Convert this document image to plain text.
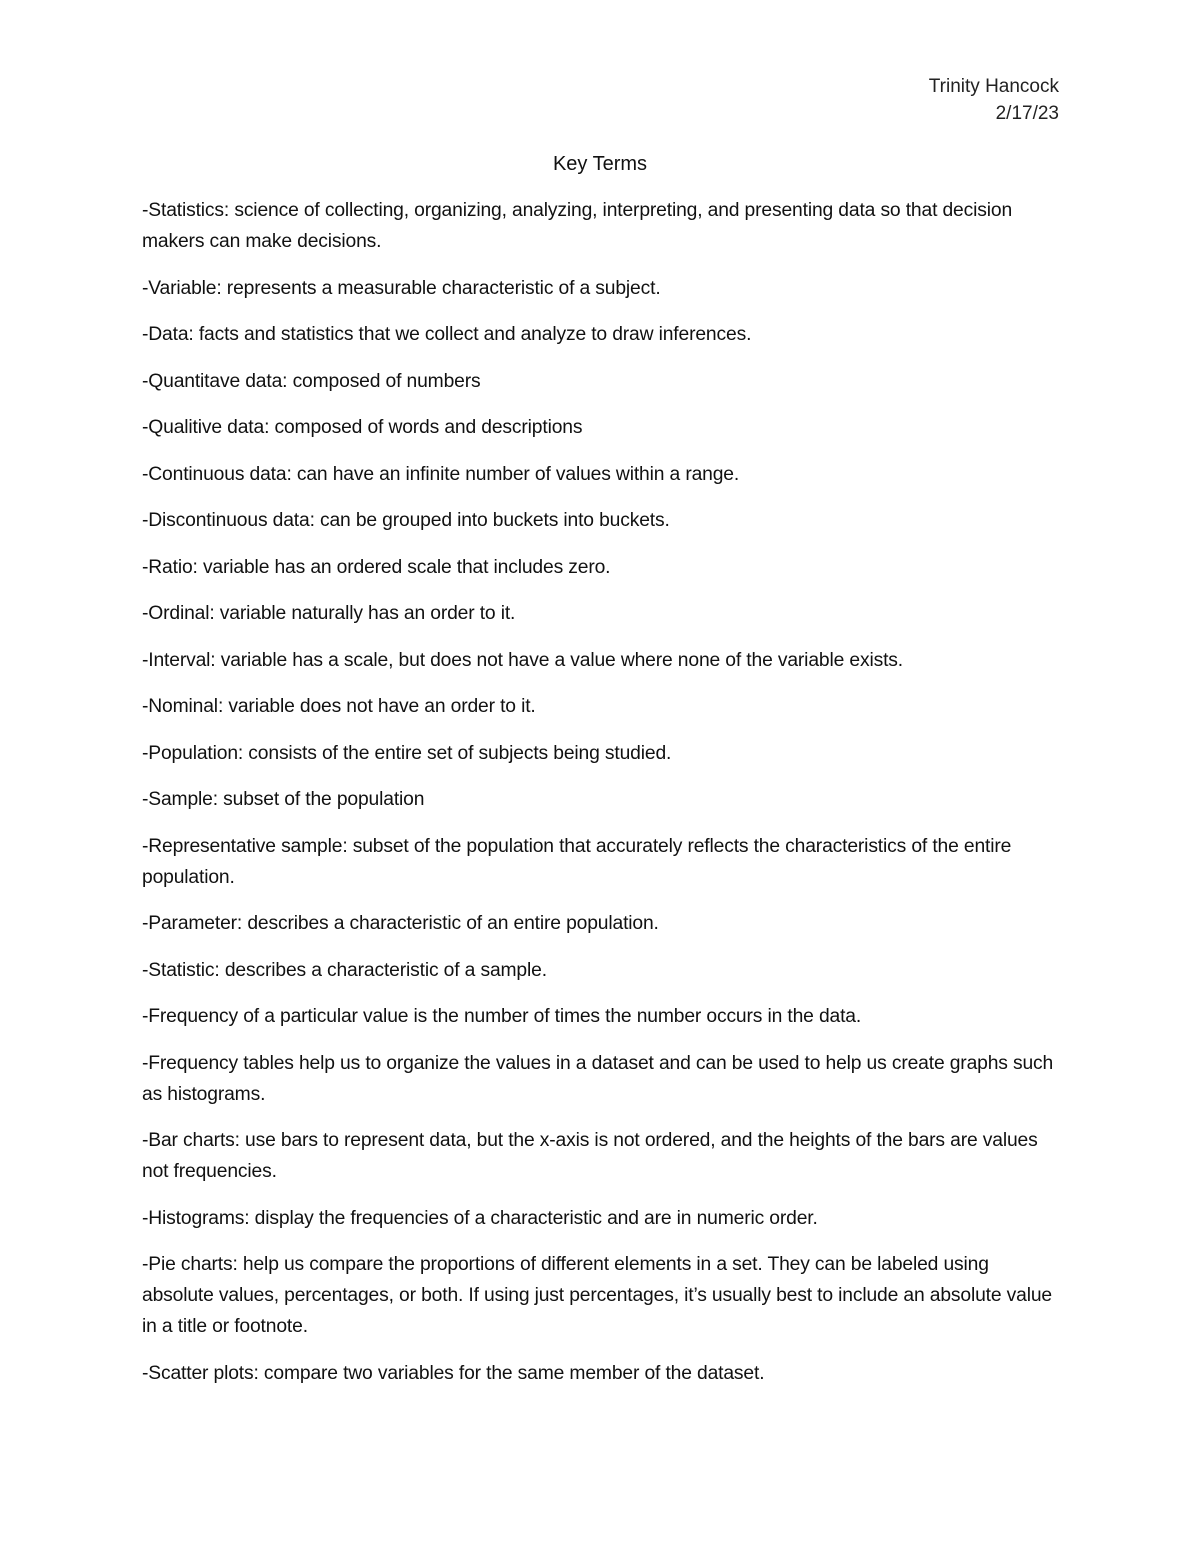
Trinity Hancock
2/17/23
Key Terms

-Statistics: science of collecting, organizing, analyzing, interpreting, and presenting data so that decision makers can make decisions.

-Variable: represents a measurable characteristic of a subject.

-Data: facts and statistics that we collect and analyze to draw inferences.

-Quantitave data: composed of numbers

-Qualitive data: composed of words and descriptions

-Continuous data: can have an infinite number of values within a range.

-Discontinuous data: can be grouped into buckets into buckets.

-Ratio: variable has an ordered scale that includes zero.

-Ordinal: variable naturally has an order to it.

-Interval: variable has a scale, but does not have a value where none of the variable exists.

-Nominal: variable does not have an order to it.

-Population: consists of the entire set of subjects being studied.

-Sample: subset of the population

-Representative sample: subset of the population that accurately reflects the characteristics of the entire population.

-Parameter: describes a characteristic of an entire population.

-Statistic: describes a characteristic of a sample.

-Frequency of a particular value is the number of times the number occurs in the data.

-Frequency tables help us to organize the values in a dataset and can be used to help us create graphs such as histograms.

-Bar charts: use bars to represent data, but the x-axis is not ordered, and the heights of the bars are values not frequencies.

-Histograms: display the frequencies of a characteristic and are in numeric order.

-Pie charts: help us compare the proportions of different elements in a set. They can be labeled using absolute values, percentages, or both. If using just percentages, it’s usually best to include an absolute value in a title or footnote.

-Scatter plots: compare two variables for the same member of the dataset.
